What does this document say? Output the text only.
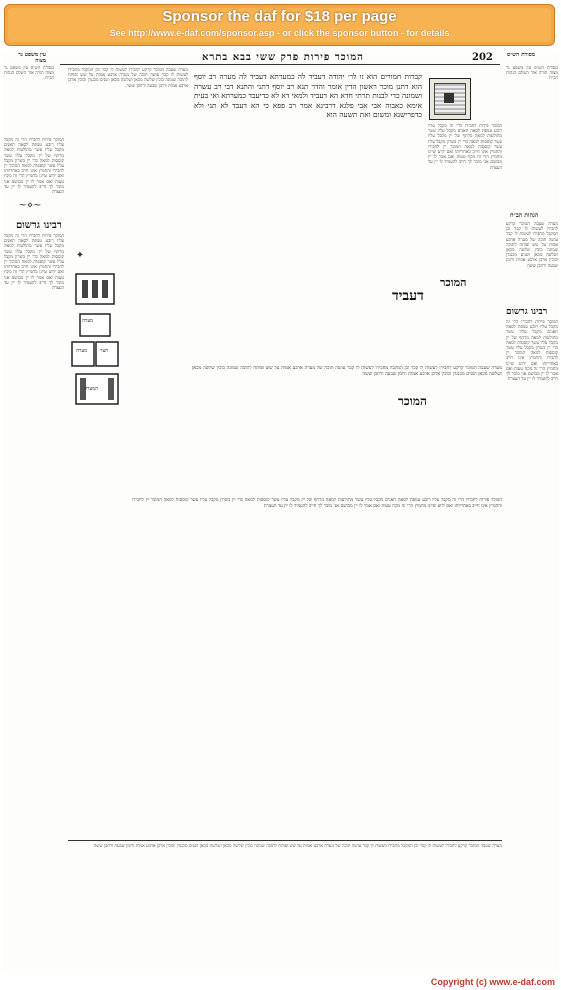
Sponsor the daf for $18 per page
See http://www.e-daf.com/sponsor.asp - or click the sponsor button - for details
עין משפט נר מצוה	המוכר פירות פרק ששי בבא בתרא	202	מסורת הש״ס
מסורת הש״ס עין משפט נר מצוה תורה אור השלם הגהות הב״ח
~⋄~
המוכר פירות לחבירו הרי זה מקבל עליו רובע טנופת לסאה תאנים מקבל עליו עשר מתולעות למאה מרתף של יין מקבל עליו עשר קוססות למאה כדי יין בשרון מקבל עליו עשר קוססות למאה המוכר יין לחבירו והחמיץ אינו חייב באחריותו ואם ידוע שיינו מחמיץ הרי זה מקח טעות ואם אמר לו יין מבושם אני מוכר לך חייב להעמיד לו יין עד העצרת
רבינו גרשום
המוכר פירות לחבירו הרי זה מקבל עליו רובע טנופת לסאה תאנים מקבל עליו עשר מתולעות למאה מרתף של יין מקבל עליו עשר קוססות למאה כדי יין בשרון מקבל עליו עשר קוססות למאה המוכר יין לחבירו והחמיץ אינו חייב באחריותו ואם ידוע שיינו מחמיץ הרי זה מקח טעות ואם אמר לו יין מבושם אני מוכר לך חייב להעמיד לו יין עד העצרת
מערה שעבה המוכר קרקע לחבירו לעשות לו קבר וכן המקבל מחבירו לעשות לו קבר עושה תוכה של מערה ארבע אמות על שש ופותח לתוכה שמונה כוכין שלשה מכאן ושלשה מכאן ושנים מכנגדן וכוכין ארכן ארבע אמות ורומן שבעה ורחבן ששה
✦
מערה
חצר
מערה
המערה
קברות חמורים הוא זו לר׳ יהודה דעביד לה כמערתא דעביד לה מערה רב יוסף הוא דתנן מוכר ראשון הדין אומר והדר תנא רב יוסף דתני והתנא דבי רב עשרה ושמונה כדי לבנות תרתי חדא הא דעביד ולמאי דא לא כדיעבד כמערתא ואי בעית אימא כאבוה אבי אבי פלגא דרבינא אמר רב פפא כי הא דעבד לא תני ולא כדפרישנא ומשום ואת תשעה הוא
דעביד
המוכר
המוכר פירות לחבירו הרי זה מקבל עליו רובע טנופת לסאה תאנים מקבל עליו עשר מתולעות למאה מרתף של יין מקבל עליו עשר קוססות למאה כדי יין בשרון מקבל עליו עשר קוססות למאה המוכר יין לחבירו והחמיץ אינו חייב באחריותו ואם ידוע שיינו מחמיץ הרי זה מקח טעות ואם אמר לו יין מבושם אני מוכר לך חייב להעמיד לו יין עד העצרת
המוכר
מסורת הש״ס עין משפט נר מצוה תורה אור השלם הגהות הב״ח
הגהות הב״ח
מערה שעבה המוכר קרקע לחבירו לעשות לו קבר וכן המקבל מחבירו לעשות לו קבר עושה תוכה של מערה ארבע אמות על שש ופותח לתוכה שמונה כוכין שלשה מכאן ושלשה מכאן ושנים מכנגדן וכוכין ארכן ארבע אמות ורומן שבעה ורחבן ששה
רבינו גרשום
המוכר פירות לחבירו הרי זה מקבל עליו רובע טנופת לסאה תאנים מקבל עליו עשר מתולעות למאה מרתף של יין מקבל עליו עשר קוססות למאה כדי יין בשרון מקבל עליו עשר קוססות למאה המוכר יין לחבירו והחמיץ אינו חייב באחריותו ואם ידוע שיינו מחמיץ הרי זה מקח טעות ואם אמר לו יין מבושם אני מוכר לך חייב להעמיד לו יין עד העצרת
מערה שעבה המוכר קרקע לחבירו לעשות לו קבר וכן המקבל מחבירו לעשות לו קבר עושה תוכה של מערה ארבע אמות על שש ופותח לתוכה שמונה כוכין שלשה מכאן ושלשה מכאן ושנים מכנגדן וכוכין ארכן ארבע אמות ורומן שבעה ורחבן ששה
המוכר פירות לחבירו הרי זה מקבל עליו רובע טנופת לסאה תאנים מקבל עליו עשר מתולעות למאה מרתף של יין מקבל עליו עשר קוססות למאה כדי יין בשרון מקבל עליו עשר קוססות למאה המוכר יין לחבירו והחמיץ אינו חייב באחריותו ואם ידוע שיינו מחמיץ הרי זה מקח טעות ואם אמר לו יין מבושם אני מוכר לך חייב להעמיד לו יין עד העצרת
מערה שעבה המוכר קרקע לחבירו לעשות לו קבר וכן המקבל מחבירו לעשות לו קבר עושה תוכה של מערה ארבע אמות על שש ופותח לתוכה שמונה כוכין שלשה מכאן ושלשה מכאן ושנים מכנגדן וכוכין ארכן ארבע אמות ורומן שבעה ורחבן ששה
Copyright (c) www.e-daf.com
